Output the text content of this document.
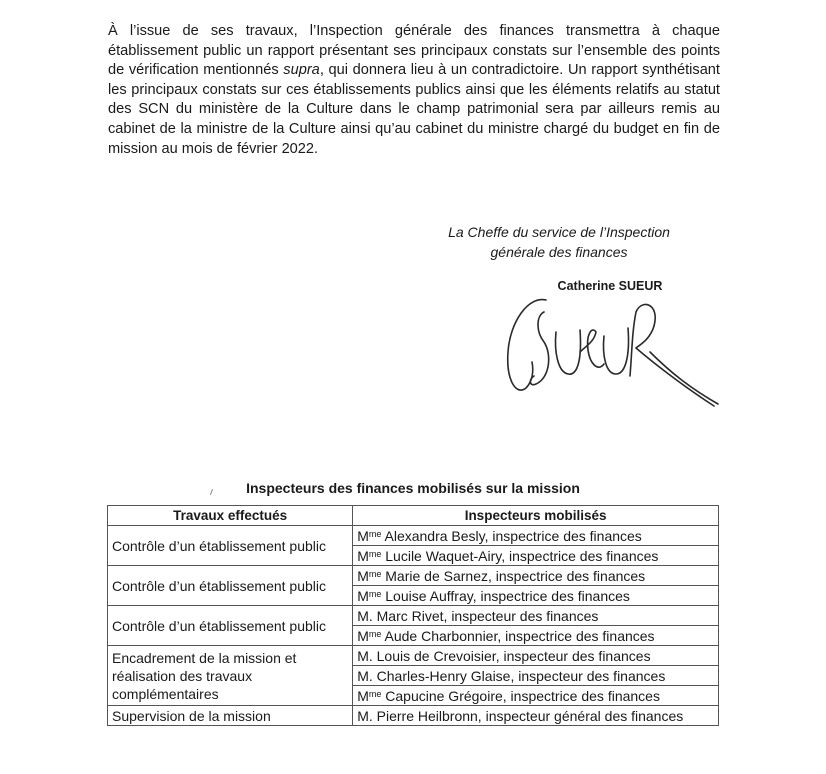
À l’issue de ses travaux, l’Inspection générale des finances transmettra à chaque établissement public un rapport présentant ses principaux constats sur l’ensemble des points de vérification mentionnés supra, qui donnera lieu à un contradictoire. Un rapport synthétisant les principaux constats sur ces établissements publics ainsi que les éléments relatifs au statut des SCN du ministère de la Culture dans le champ patrimonial sera par ailleurs remis au cabinet de la ministre de la Culture ainsi qu’au cabinet du ministre chargé du budget en fin de mission au mois de février 2022.

La Cheffe du service de l’Inspection
générale des finances
Catherine SUEUR
Inspecteurs des finances mobilisés sur la mission
Travaux effectués	Inspecteurs mobilisés

Contrôle d’un établissement public	$M^{me}$ Alexandra Besly, inspectrice des finances
	$M^{me}$ Lucile Waquet-Airy, inspectrice des finances

Contrôle d’un établissement public	$M^{me}$ Marie de Sarnez, inspectrice des finances
	$M^{me}$ Louise Auffray, inspectrice des finances

Contrôle d’un établissement public	M. Marc Rivet, inspecteur des finances
	$M^{me}$ Aude Charbonnier, inspectrice des finances

Encadrement de la mission et
réalisation des travaux
complémentaires	M. Louis de Crevoisier, inspecteur des finances
	M. Charles-Henry Glaise, inspecteur des finances
	$M^{me}$ Capucine Grégoire, inspectrice des finances

Supervision de la mission	M. Pierre Heilbronn, inspecteur général des finances
